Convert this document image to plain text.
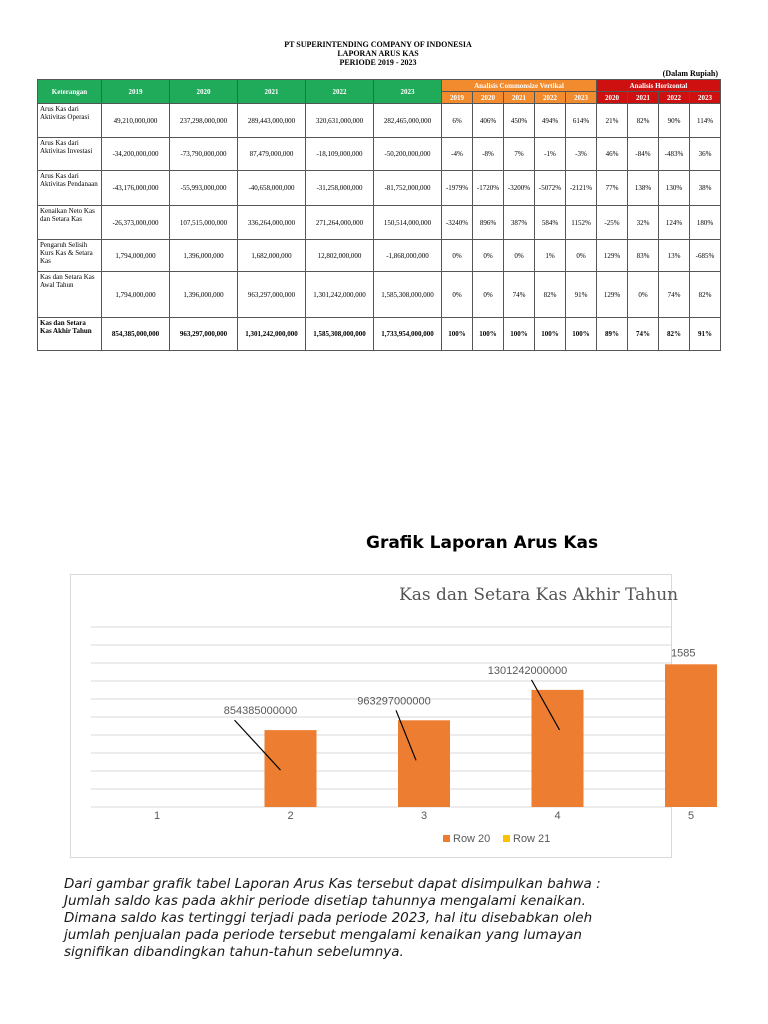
PT SUPERINTENDING COMPANY OF INDONESIA
LAPORAN ARUS KAS
PERIODE 2019 - 2023
(Dalam Rupiah)
Keterangan	2019	2020	2021	2022	2023	Analisis Commonsize Vertikal					Analisis Horizontal			
						2019	2020	2021	2022	2023	2020	2021	2022	2023
Arus Kas dari Aktivitas Operasi	49,210,000,000	237,298,000,000	289,443,000,000	320,631,000,000	282,465,000,000	6%	406%	450%	494%	614%	21%	82%	90%	114%
Arus Kas dari Aktivitas Investasi	-34,200,000,000	-73,790,000,000	87,479,000,000	-18,109,000,000	-50,200,000,000	-4%	-8%	7%	-1%	-3%	46%	-84%	-483%	36%
Arus Kas dari Aktivitas Pendanaan	-43,176,000,000	-55,993,000,000	-40,658,000,000	-31,258,000,000	-81,752,000,000	-1979%	-1720%	-3200%	-5072%	-2121%	77%	138%	130%	38%
Kenaikan Neto Kas dan Setara Kas	-26,373,000,000	107,515,000,000	336,264,000,000	271,264,000,000	150,514,000,000	-3240%	896%	387%	584%	1152%	-25%	32%	124%	180%
Pengaruh Selisih Kurs Kas & Setara Kas	1,794,000,000	1,396,000,000	1,682,000,000	12,802,000,000	-1,868,000,000	0%	0%	0%	1%	0%	129%	83%	13%	-685%
Kas dan Setara Kas Awal Tahun	1,794,000,000	1,396,000,000	963,297,000,000	1,301,242,000,000	1,585,308,000,000	0%	0%	74%	82%	91%	129%	0%	74%	82%
Kas dan Setara Kas Akhir Tahun	854,385,000,000	963,297,000,000	1,301,242,000,000	1,585,308,000,000	1,733,954,000,000	100%	100%	100%	100%	100%	89%	74%	82%	91%
Grafik Laporan Arus Kas
Kas dan Setara Kas Akhir Tahun
1	2
854385000000
3
963297000000
4
1301242000000
5
1585
Row 20 Row 21
Dari gambar grafik tabel Laporan Arus Kas tersebut dapat disimpulkan bahwa : Jumlah saldo kas pada akhir periode disetiap tahunnya mengalami kenaikan. Dimana saldo kas tertinggi terjadi pada periode 2023, hal itu disebabkan oleh jumlah penjualan pada periode tersebut mengalami kenaikan yang lumayan signifikan dibandingkan tahun-tahun sebelumnya.
